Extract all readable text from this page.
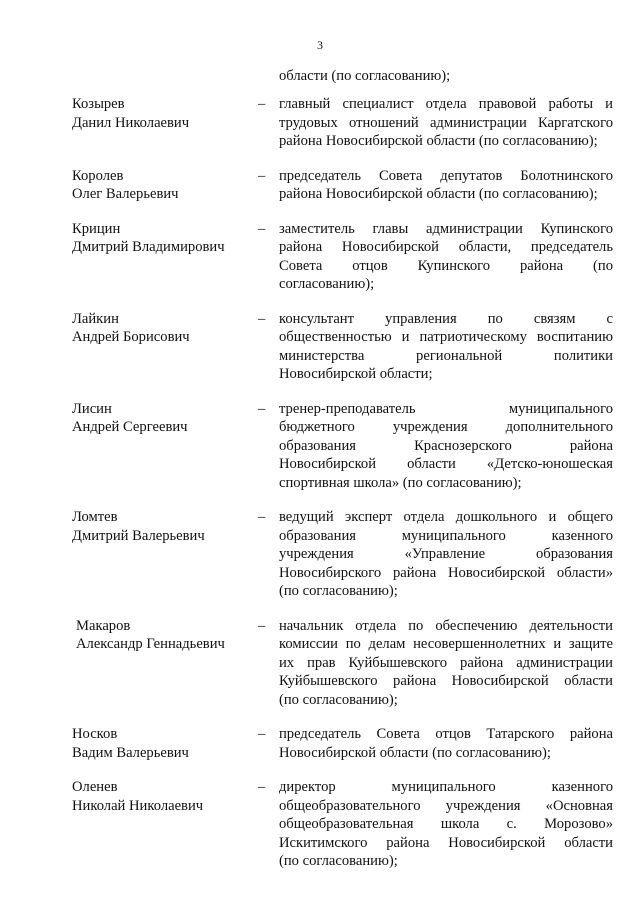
3
области (по согласованию);
Козырев
Данил Николаевич
– главный специалист отдела правовой работы и
трудовых отношений администрации Каргатского
района Новосибирской области (по согласованию);
Королев
Олег Валерьевич
– председатель Совета депутатов Болотнинского
района Новосибирской области (по согласованию);
Крицин
Дмитрий Владимирович
– заместитель главы администрации Купинского
района Новосибирской области, председатель
Совета отцов Купинского района (по
согласованию);
Лайкин
Андрей Борисович
– консультант управления по связям с
общественностью и патриотическому воспитанию
министерства региональной политики
Новосибирской области;
Лисин
Андрей Сергеевич
– тренер-преподаватель муниципального
бюджетного учреждения дополнительного
образования Краснозерского района
Новосибирской области «Детско-юношеская
спортивная школа» (по согласованию);
Ломтев
Дмитрий Валерьевич
– ведущий эксперт отдела дошкольного и общего
образования муниципального казенного
учреждения «Управление образования
Новосибирского района Новосибирской области»
(по согласованию);
Макаров
Александр Геннадьевич
– начальник отдела по обеспечению деятельности
комиссии по делам несовершеннолетних и защите
их прав Куйбышевского района администрации
Куйбышевского района Новосибирской области
(по согласованию);
Носков
Вадим Валерьевич
– председатель Совета отцов Татарского района
Новосибирской области (по согласованию);
Оленев
Николай Николаевич
– директор муниципального казенного
общеобразовательного учреждения «Основная
общеобразовательная школа с. Морозово»
Искитимского района Новосибирской области
(по согласованию);
